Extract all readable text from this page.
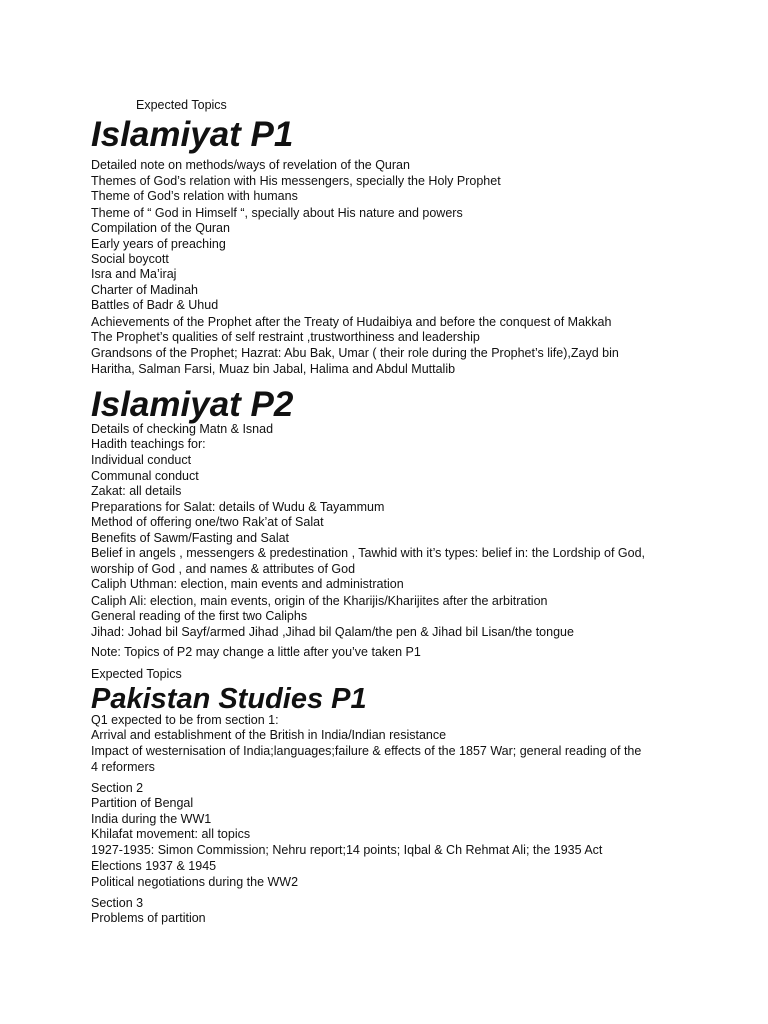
Expected Topics
Islamiyat P1
Detailed note on methods/ways of revelation of the Quran
Themes of God’s relation with His messengers, specially the Holy Prophet
Theme of God’s relation with humans
Theme of “ God in Himself “, specially about His nature and powers
Compilation of the Quran
Early years of preaching
Social boycott
Isra and Ma’iraj
Charter of Madinah
Battles of Badr & Uhud
Achievements of the Prophet after the Treaty of Hudaibiya and before the conquest of Makkah
The Prophet’s qualities of self restraint ,trustworthiness and leadership
Grandsons of the Prophet; Hazrat: Abu Bak, Umar ( their role during the Prophet’s life),Zayd bin
Haritha, Salman Farsi, Muaz bin Jabal, Halima and Abdul Muttalib
Islamiyat P2
Details of checking Matn & Isnad
Hadith teachings for:
Individual conduct
Communal conduct
Zakat: all details
Preparations for Salat: details of Wudu & Tayammum
Method of offering one/two Rak’at of Salat
Benefits of Sawm/Fasting and Salat
Belief in angels , messengers & predestination , Tawhid with it’s types: belief in: the Lordship of God,
worship of God , and names & attributes of God
Caliph Uthman: election, main events and administration
Caliph Ali: election, main events, origin of the Kharijis/Kharijites after the arbitration
General reading of the first two Caliphs
Jihad: Johad bil Sayf/armed Jihad ,Jihad bil Qalam/the pen & Jihad bil Lisan/the tongue
Note: Topics of P2 may change a little after you’ve taken P1
Expected Topics
Pakistan Studies P1
Q1 expected to be from section 1:
Arrival and establishment of the British in India/Indian resistance
Impact of westernisation of India;languages;failure & effects of the 1857 War; general reading of the
4 reformers
Section 2
Partition of Bengal
India during the WW1
Khilafat movement: all topics
1927-1935: Simon Commission; Nehru report;14 points; Iqbal & Ch Rehmat Ali; the 1935 Act
Elections 1937 & 1945
Political negotiations during the WW2
Section 3
Problems of partition
